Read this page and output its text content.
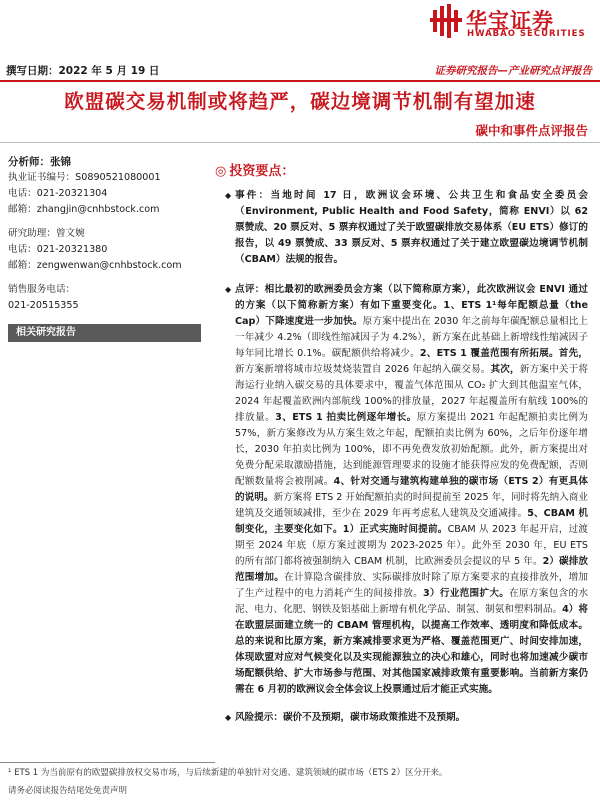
华宝证券
HWABAO SECURITIES
撰写日期：2022 年 5 月 19 日	证券研究报告—产业研究点评报告
欧盟碳交易机制或将趋严，碳边境调节机制有望加速
碳中和事件点评报告
分析师：张锦
执业证书编号：S0890521080001
电话：021-20321304
邮箱：zhangjin@cnhbstock.com
研究助理：曾文婉
电话：021-20321380
邮箱：zengwenwan@cnhbstock.com
销售服务电话：
021-20515355
相关研究报告
◎ 投资要点：
◆ 事件：当地时间 17 日，欧洲议会环境、公共卫生和食品安全委员会（Environment, Public Health and Food Safety，简称 ENVI）以 62 票赞成、20 票反对、5 票弃权通过了关于欧盟碳排放交易体系（EU ETS）修订的报告，以 49 票赞成、33 票反对、5 票弃权通过了关于建立欧盟碳边境调节机制（CBAM）法规的报告。
◆ 点评：相比最初的欧洲委员会方案（以下简称原方案），此次欧洲议会 ENVI 通过的方案（以下简称新方案）有如下重要变化。1、ETS 1¹每年配额总量（the Cap）下降速度进一步加快。原方案中提出在 2030 年之前每年碳配额总量相比上一年减少 4.2%（即线性缩减因子为 4.2%），新方案在此基础上新增线性缩减因子每年同比增长 0.1%。碳配额供给将减少。2、ETS 1 覆盖范围有所拓展。首先，新方案新增将城市垃圾焚烧装置自 2026 年起纳入碳交易。其次，新方案中关于将海运行业纳入碳交易的具体要求中，覆盖气体范围从 CO₂ 扩大到其他温室气体，2024 年起覆盖欧洲内部航线 100%的排放量，2027 年起覆盖所有航线 100%的排放量。3、ETS 1 拍卖比例逐年增长。原方案提出 2021 年起配额拍卖比例为 57%，新方案修改为从方案生效之年起，配额拍卖比例为 60%，之后年份逐年增长，2030 年拍卖比例为 100%，即不再免费发放初始配额。此外，新方案提出对免费分配采取激励措施，达到能源管理要求的设施才能获得应发的免费配额，否则配额数量将会被削减。4、针对交通与建筑构建单独的碳市场（ETS 2）有更具体的说明。新方案将 ETS 2 开始配额拍卖的时间提前至 2025 年，同时将先纳入商业建筑及交通领域减排，至少在 2029 年再考虑私人建筑及交通减排。5、CBAM 机制变化，主要变化如下。1）正式实施时间提前。CBAM 从 2023 年起开启，过渡期至 2024 年底（原方案过渡期为 2023-2025 年）。此外至 2030 年，EU ETS 的所有部门都将被强制纳入 CBAM 机制，比欧洲委员会提议的早 5 年。2）碳排放范围增加。在计算隐含碳排放、实际碳排放时除了原方案要求的直接排放外，增加了生产过程中的电力消耗产生的间接排放。3）行业范围扩大。在原方案包含的水泥、电力、化肥、钢铁及铝基础上新增有机化学品、制氢、制氨和塑料制品。4）将在欧盟层面建立统一的 CBAM 管理机构，以提高工作效率、透明度和降低成本。总的来说和比原方案，新方案减排要求更为严格、覆盖范围更广、时间安排加速，体现欧盟对应对气候变化以及实现能源独立的决心和雄心，同时也将加速减少碳市场配额供给、扩大市场参与范围、对其他国家减排政策有重要影响。当前新方案仍需在 6 月初的欧洲议会全体会议上投票通过后才能正式实施。
◆ 风险提示：碳价不及预期，碳市场政策推进不及预期。
¹ ETS 1 为当前原有的欧盟碳排放权交易市场，与后续新建的单独针对交通、建筑领域的碳市场（ETS 2）区分开来。
请务必阅读报告结尾处免责声明
